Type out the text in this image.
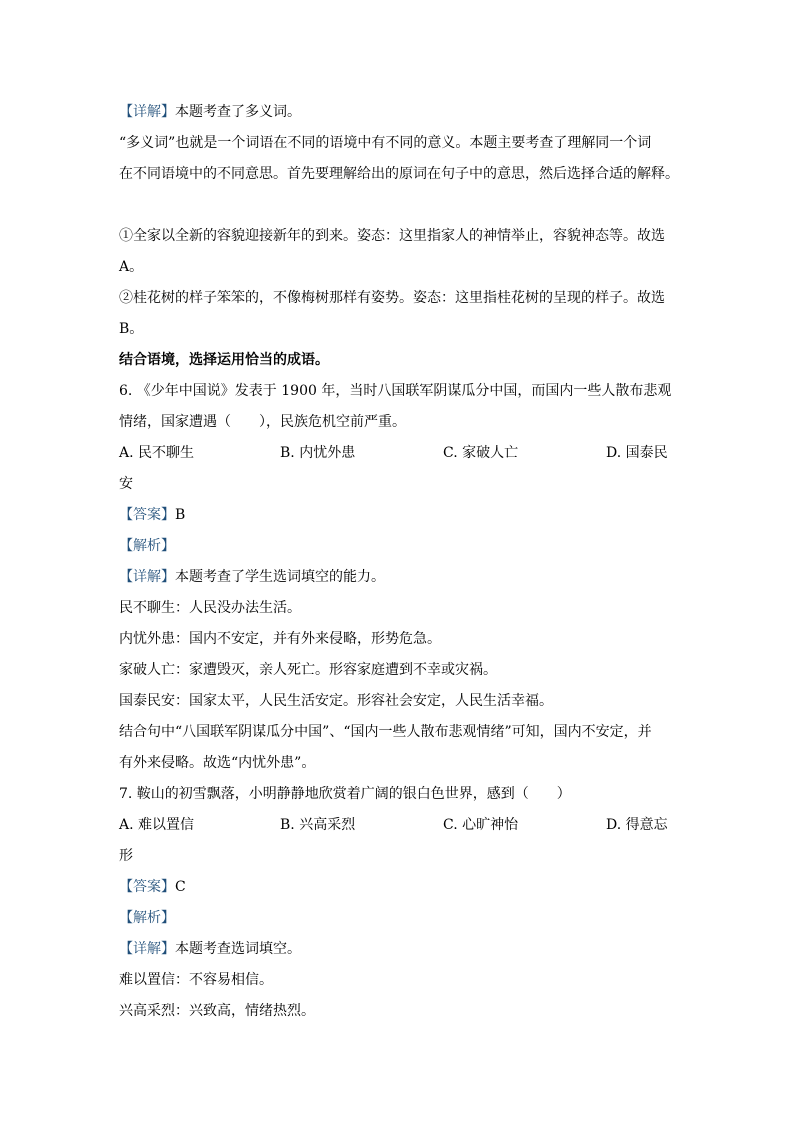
【详解】本题考查了多义词。
“多义词”也就是一个词语在不同的语境中有不同的意义。本题主要考查了理解同一个词
在不同语境中的不同意思。首先要理解给出的原词在句子中的意思，然后选择合适的解释。
①全家以全新的容貌迎接新年的到来。姿态：这里指家人的神情举止，容貌神态等。故选
A。
②桂花树的样子笨笨的，不像梅树那样有姿势。姿态：这里指桂花树的呈现的样子。故选
B。
结合语境，选择运用恰当的成语。
6. 《少年中国说》发表于 1900 年，当时八国联军阴谋瓜分中国，而国内一些人散布悲观
情绪，国家遭遇（　　），民族危机空前严重。
A. 民不聊生	B. 内忧外患	C. 家破人亡	D. 国泰民
安
【答案】B
【解析】
【详解】本题考查了学生选词填空的能力。
民不聊生：人民没办法生活。
内忧外患：国内不安定，并有外来侵略，形势危急。
家破人亡：家遭毁灭，亲人死亡。形容家庭遭到不幸或灾祸。
国泰民安：国家太平，人民生活安定。形容社会安定，人民生活幸福。
结合句中“八国联军阴谋瓜分中国”、“国内一些人散布悲观情绪”可知，国内不安定，并
有外来侵略。故选“内忧外患”。
7. 鞍山的初雪飘落，小明静静地欣赏着广阔的银白色世界，感到（　　）
A. 难以置信	B. 兴高采烈	C. 心旷神怡	D. 得意忘
形
【答案】C
【解析】
【详解】本题考查选词填空。
难以置信：不容易相信。
兴高采烈：兴致高，情绪热烈。
